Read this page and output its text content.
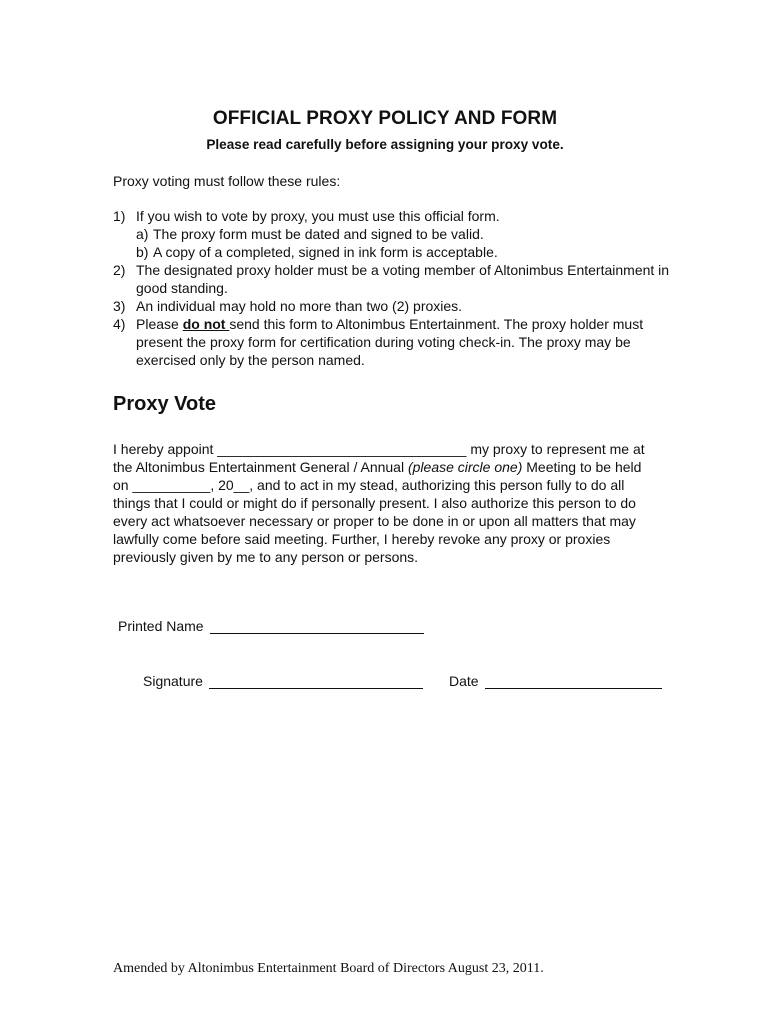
OFFICIAL PROXY POLICY AND FORM
Please read carefully before assigning your proxy vote.
Proxy voting must follow these rules:
1) If you wish to vote by proxy, you must use this official form.
a) The proxy form must be dated and signed to be valid.
b) A copy of a completed, signed in ink form is acceptable.
2) The designated proxy holder must be a voting member of Altonimbus Entertainment in good standing.
3) An individual may hold no more than two (2) proxies.
4) Please do not send this form to Altonimbus Entertainment. The proxy holder must present the proxy form for certification during voting check-in. The proxy may be exercised only by the person named.
Proxy Vote
I hereby appoint ________________________________ my proxy to represent me at the Altonimbus Entertainment General / Annual (please circle one) Meeting to be held on __________, 20__, and to act in my stead, authorizing this person fully to do all things that I could or might do if personally present. I also authorize this person to do every act whatsoever necessary or proper to be done in or upon all matters that may lawfully come before said meeting. Further, I hereby revoke any proxy or proxies previously given by me to any person or persons.
Printed Name
Signature	Date
Amended by Altonimbus Entertainment Board of Directors August 23, 2011.
